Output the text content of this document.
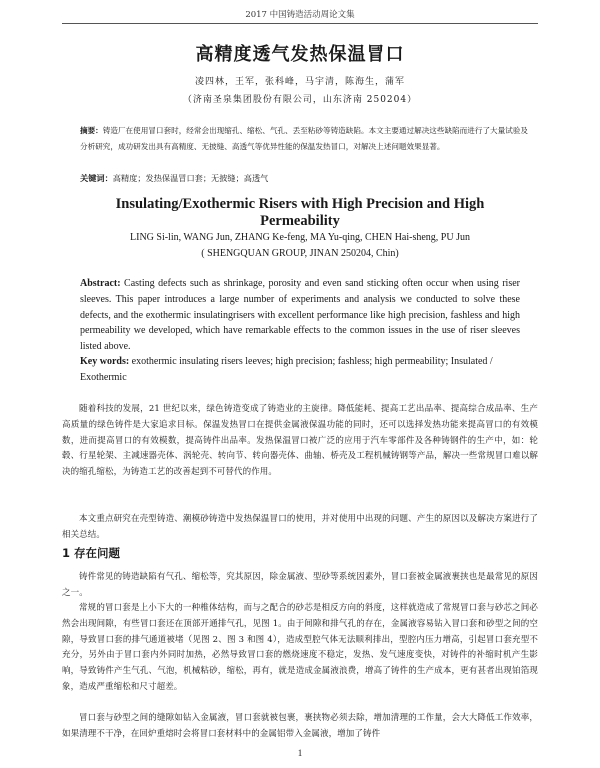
2017 中国铸造活动周论文集
高精度透气发热保温冒口
凌四林，王军，张科峰，马宇清，陈海生，蒲军
（济南圣泉集团股份有限公司，山东济南 250204）
摘要：铸造厂在使用冒口套时，经常会出现缩孔、缩松、气孔、丢至粘砂等铸造缺陷。本文主要通过解决这些缺陷而进行了大量试验及分析研究，成功研发出具有高精度、无披缝、高透气等优异性能的保温发热冒口，对解决上述问题效果显著。
关键词：高精度；发热保温冒口套；无披缝；高透气
Insulating/Exothermic Risers with High Precision and High Permeability
LING Si-lin, WANG Jun, ZHANG Ke-feng, MA Yu-qing, CHEN Hai-sheng, PU Jun
( SHENGQUAN GROUP, JINAN 250204, Chin)
Abstract: Casting defects such as shrinkage, porosity and even sand sticking often occur when using riser sleeves. This paper introduces a large number of experiments and analysis we conducted to solve these defects, and the exothermic insulatingrisers with excellent performance like high precision, fashless and high permeability we developed, which have remarkable effects to the common issues in the use of riser sleeves listed above.
Key words: exothermic insulating risers leeves; high precision; fashless; high permeability; Insulated / Exothermic

随着科技的发展，21 世纪以来，绿色铸造变成了铸造业的主旋律。降低能耗、提高工艺出品率、提高综合成品率、生产高质量的绿色铸件是大家追求目标。保温发热冒口在提供金属液保温功能的同时，还可以选择发热功能来提高冒口的有效模数，进而提高冒口的有效模数，提高铸件出品率。发热保温冒口被广泛的应用于汽车零部件及各种铸钢件的生产中，如：轮毂、行星轮架、主减速器壳体、涡轮壳、转向节、转向器壳体、曲轴、桥壳及工程机械铸钢等产品，解决一些常规冒口难以解决的缩孔缩松，为铸造工艺的改善起到不可替代的作用。

本文重点研究在壳型铸造、潮模砂铸造中发热保温冒口的使用，并对使用中出现的问题、产生的原因以及解决方案进行了相关总结。

1 存在问题

铸件常见的铸造缺陷有气孔、缩松等，究其原因，除金属液、型砂等系统因素外，冒口套被金属液裹挟也是最常见的原因之一。

常规的冒口套是上小下大的一种椎体结构，而与之配合的砂芯是相反方向的斜度，这样就造成了常规冒口套与砂芯之间必然会出现间隙，有些冒口套还在顶部开通排气孔，见图 1。由于间隙和排气孔的存在，金属液容易钻入冒口套和砂型之间的空隙，导致冒口套的排气通道被堵（见图 2、图 3 和图 4），造成型腔气体无法顺利排出，型腔内压力增高，引起冒口套充型不充分，另外由于冒口套内外同时加热，必然导致冒口套的燃烧速度不稳定，发热、发气速度变快，对铸件的补缩时机产生影响，导致铸件产生气孔、气泡，机械粘砂，缩松，再有，就是造成金属液浪费，增高了铸件的生产成本，更有甚者出现铂箔现象，造成严重缩松和尺寸超差。

冒口套与砂型之间的缝隙如钻入金属液，冒口套就被包裹，裹挟物必须去除，增加清理的工作量，会大大降低工作效率，如果清理不干净，在回炉重熔时会将冒口套材料中的金属铝带入金属液，增加了铸件

1
